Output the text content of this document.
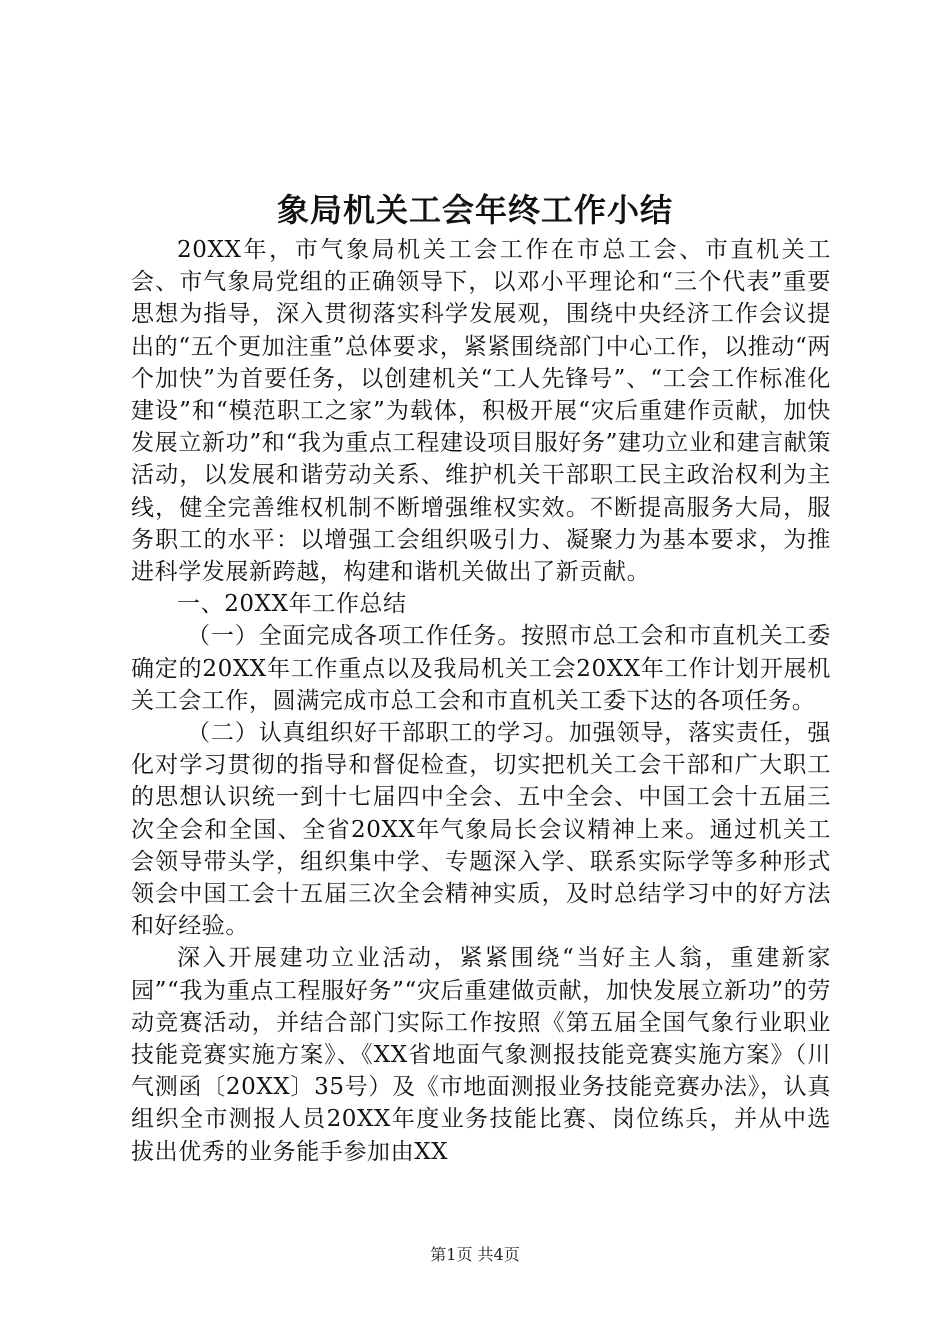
象局机关工会年终工作小结

20XX年，市气象局机关工会工作在市总工会、市直机关工会、市气象局党组的正确领导下，以邓小平理论和“三个代表”重要思想为指导，深入贯彻落实科学发展观，围绕中央经济工作会议提出的“五个更加注重”总体要求，紧紧围绕部门中心工作，以推动“两个加快”为首要任务，以创建机关“工人先锋号”、“工会工作标准化建设”和“模范职工之家”为载体，积极开展“灾后重建作贡献，加快发展立新功”和“我为重点工程建设项目服好务”建功立业和建言献策活动，以发展和谐劳动关系、维护机关干部职工民主政治权利为主线，健全完善维权机制不断增强维权实效。不断提高服务大局，服务职工的水平：以增强工会组织吸引力、凝聚力为基本要求，为推进科学发展新跨越，构建和谐机关做出了新贡献。

一、20XX年工作总结

（一）全面完成各项工作任务。按照市总工会和市直机关工委确定的20XX年工作重点以及我局机关工会20XX年工作计划开展机关工会工作，圆满完成市总工会和市直机关工委下达的各项任务。

（二）认真组织好干部职工的学习。加强领导，落实责任，强化对学习贯彻的指导和督促检查，切实把机关工会干部和广大职工的思想认识统一到十七届四中全会、五中全会、中国工会十五届三次全会和全国、全省20XX年气象局长会议精神上来。通过机关工会领导带头学，组织集中学、专题深入学、联系实际学等多种形式领会中国工会十五届三次全会精神实质，及时总结学习中的好方法和好经验。

深入开展建功立业活动，紧紧围绕“当好主人翁，重建新家园”“我为重点工程服好务”“灾后重建做贡献，加快发展立新功”的劳动竞赛活动，并结合部门实际工作按照《第五届全国气象行业职业技能竞赛实施方案》、《XX省地面气象测报技能竞赛实施方案》（川气测函〔20XX〕35号）及《市地面测报业务技能竞赛办法》，认真组织全市测报人员20XX年度业务技能比赛、岗位练兵，并从中选拔出优秀的业务能手参加由XX

第1页 共4页
